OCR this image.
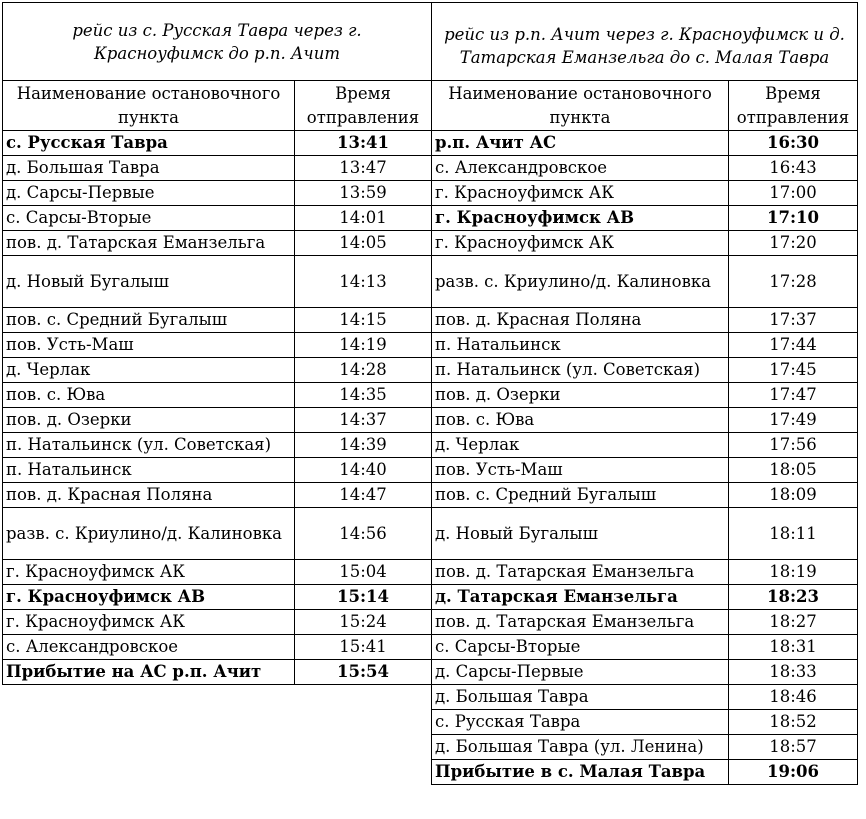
рейс из с. Русская Тавра через г. Красноуфимск до р.п. Ачит	
Наименование остановочного пункта	Время отправления
с. Русская Тавра	13:41
д. Большая Тавра	13:47
д. Сарсы-Первые	13:59
с. Сарсы-Вторые	14:01
пов. д. Татарская Еманзельга	14:05
д. Новый Бугалыш	14:13
пов. с. Средний Бугалыш	14:15
пов. Усть-Маш	14:19
д. Черлак	14:28
пов. с. Юва	14:35
пов. д. Озерки	14:37
п. Натальинск (ул. Советская)	14:39
п. Натальинск	14:40
пов. д. Красная Поляна	14:47
разв. с. Криулино/д. Калиновка	14:56
г. Красноуфимск АК	15:04
г. Красноуфимск АВ	15:14
г. Красноуфимск АК	15:24
с. Александровское	15:41
Прибытие на АС р.п. Ачит	15:54
рейс из р.п. Ачит через г. Красноуфимск и д. Татарская Еманзельга до с. Малая Тавра	
Наименование остановочного пункта	Время отправления
р.п. Ачит АС	16:30
с. Александровское	16:43
г. Красноуфимск АК	17:00
г. Красноуфимск АВ	17:10
г. Красноуфимск АК	17:20
разв. с. Криулино/д. Калиновка	17:28
пов. д. Красная Поляна	17:37
п. Натальинск	17:44
п. Натальинск (ул. Советская)	17:45
пов. д. Озерки	17:47
пов. с. Юва	17:49
д. Черлак	17:56
пов. Усть-Маш	18:05
пов. с. Средний Бугалыш	18:09
д. Новый Бугалыш	18:11
пов. д. Татарская Еманзельга	18:19
д. Татарская Еманзельга	18:23
пов. д. Татарская Еманзельга	18:27
с. Сарсы-Вторые	18:31
д. Сарсы-Первые	18:33
д. Большая Тавра	18:46
с. Русская Тавра	18:52
д. Большая Тавра (ул. Ленина)	18:57
Прибытие в с. Малая Тавра	19:06
